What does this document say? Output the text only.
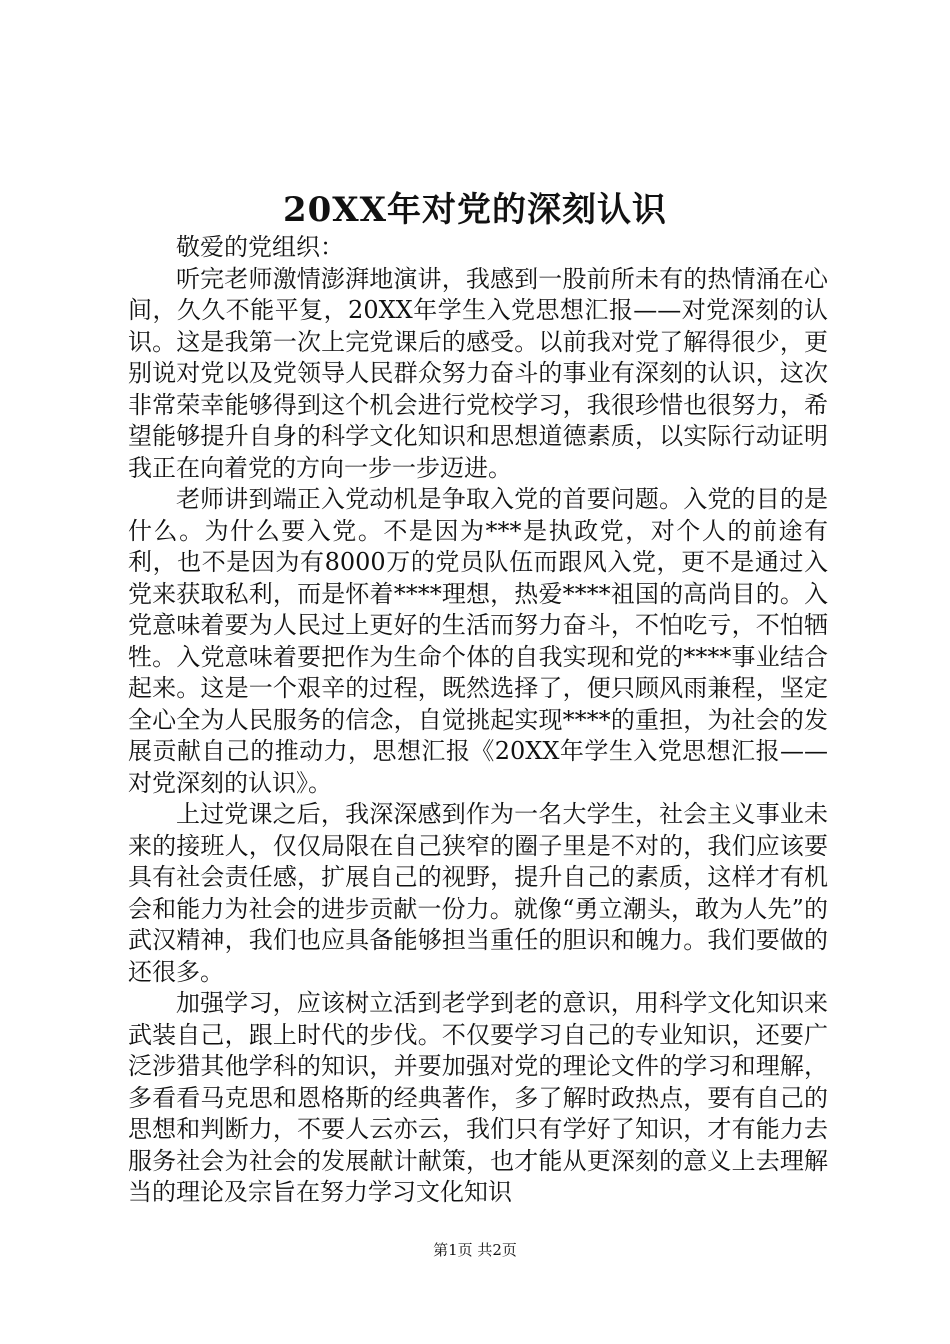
20XX年对党的深刻认识

敬爱的党组织：

听完老师激情澎湃地演讲，我感到一股前所未有的热情涌在心间，久久不能平复，20XX年学生入党思想汇报——对党深刻的认识。这是我第一次上完党课后的感受。以前我对党了解得很少，更别说对党以及党领导人民群众努力奋斗的事业有深刻的认识，这次非常荣幸能够得到这个机会进行党校学习，我很珍惜也很努力，希望能够提升自身的科学文化知识和思想道德素质，以实际行动证明我正在向着党的方向一步一步迈进。

老师讲到端正入党动机是争取入党的首要问题。入党的目的是什么。为什么要入党。不是因为***是执政党，对个人的前途有利，也不是因为有8000万的党员队伍而跟风入党，更不是通过入党来获取私利，而是怀着****理想，热爱****祖国的高尚目的。入党意味着要为人民过上更好的生活而努力奋斗，不怕吃亏，不怕牺牲。入党意味着要把作为生命个体的自我实现和党的****事业结合起来。这是一个艰辛的过程，既然选择了，便只顾风雨兼程，坚定全心全为人民服务的信念，自觉挑起实现****的重担，为社会的发展贡献自己的推动力，思想汇报《20XX年学生入党思想汇报——对党深刻的认识》。

上过党课之后，我深深感到作为一名大学生，社会主义事业未来的接班人，仅仅局限在自己狭窄的圈子里是不对的，我们应该要具有社会责任感，扩展自己的视野，提升自己的素质，这样才有机会和能力为社会的进步贡献一份力。就像“勇立潮头，敢为人先”的武汉精神，我们也应具备能够担当重任的胆识和魄力。我们要做的还很多。

加强学习，应该树立活到老学到老的意识，用科学文化知识来武装自己，跟上时代的步伐。不仅要学习自己的专业知识，还要广泛涉猎其他学科的知识，并要加强对党的理论文件的学习和理解，多看看马克思和恩格斯的经典著作，多了解时政热点，要有自己的思想和判断力，不要人云亦云，我们只有学好了知识，才有能力去服务社会为社会的发展献计献策，也才能从更深刻的意义上去理解当的理论及宗旨在努力学习文化知识

第1页 共2页
